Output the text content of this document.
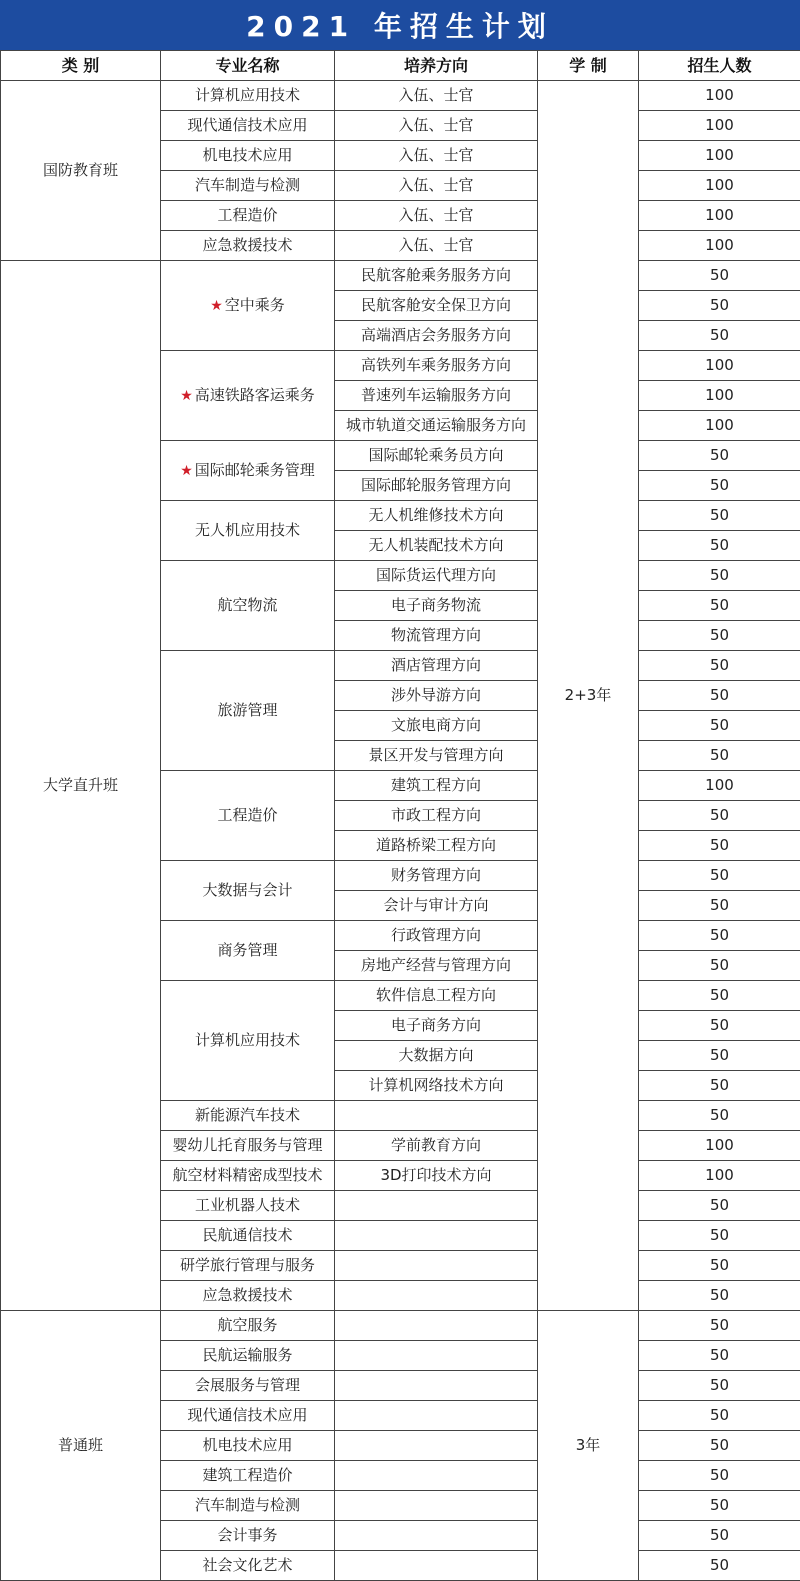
2021 年招生计划
类 别	专业名称	培养方向	学 制	招生人数
国防教育班	计算机应用技术	入伍、士官	2+3年	100
	现代通信技术应用	入伍、士官		100
	机电技术应用	入伍、士官		100
	汽车制造与检测	入伍、士官		100
	工程造价	入伍、士官		100
	应急救援技术	入伍、士官		100
大学直升班	★ 空中乘务	民航客舱乘务服务方向		50
		民航客舱安全保卫方向		50
		高端酒店会务服务方向		50
	★ 高速铁路客运乘务	高铁列车乘务服务方向		100
		普速列车运输服务方向		100
		城市轨道交通运输服务方向		100
	★ 国际邮轮乘务管理	国际邮轮乘务员方向		50
		国际邮轮服务管理方向		50
	无人机应用技术	无人机维修技术方向		50
		无人机装配技术方向		50
	航空物流	国际货运代理方向		50
		电子商务物流		50
		物流管理方向		50
	旅游管理	酒店管理方向		50
		涉外导游方向		50
		文旅电商方向		50
		景区开发与管理方向		50
	工程造价	建筑工程方向		100
		市政工程方向		50
		道路桥梁工程方向		50
	大数据与会计	财务管理方向		50
		会计与审计方向		50
	商务管理	行政管理方向		50
		房地产经营与管理方向		50
	计算机应用技术	软件信息工程方向		50
		电子商务方向		50
		大数据方向		50
		计算机网络技术方向		50
	新能源汽车技术			50
	婴幼儿托育服务与管理	学前教育方向		100
	航空材料精密成型技术	3D打印技术方向		100
	工业机器人技术			50
	民航通信技术			50
	研学旅行管理与服务			50
	应急救援技术			50
普通班	航空服务		3年	50
	民航运输服务			50
	会展服务与管理			50
	现代通信技术应用			50
	机电技术应用			50
	建筑工程造价			50
	汽车制造与检测			50
	会计事务			50
	社会文化艺术			50
